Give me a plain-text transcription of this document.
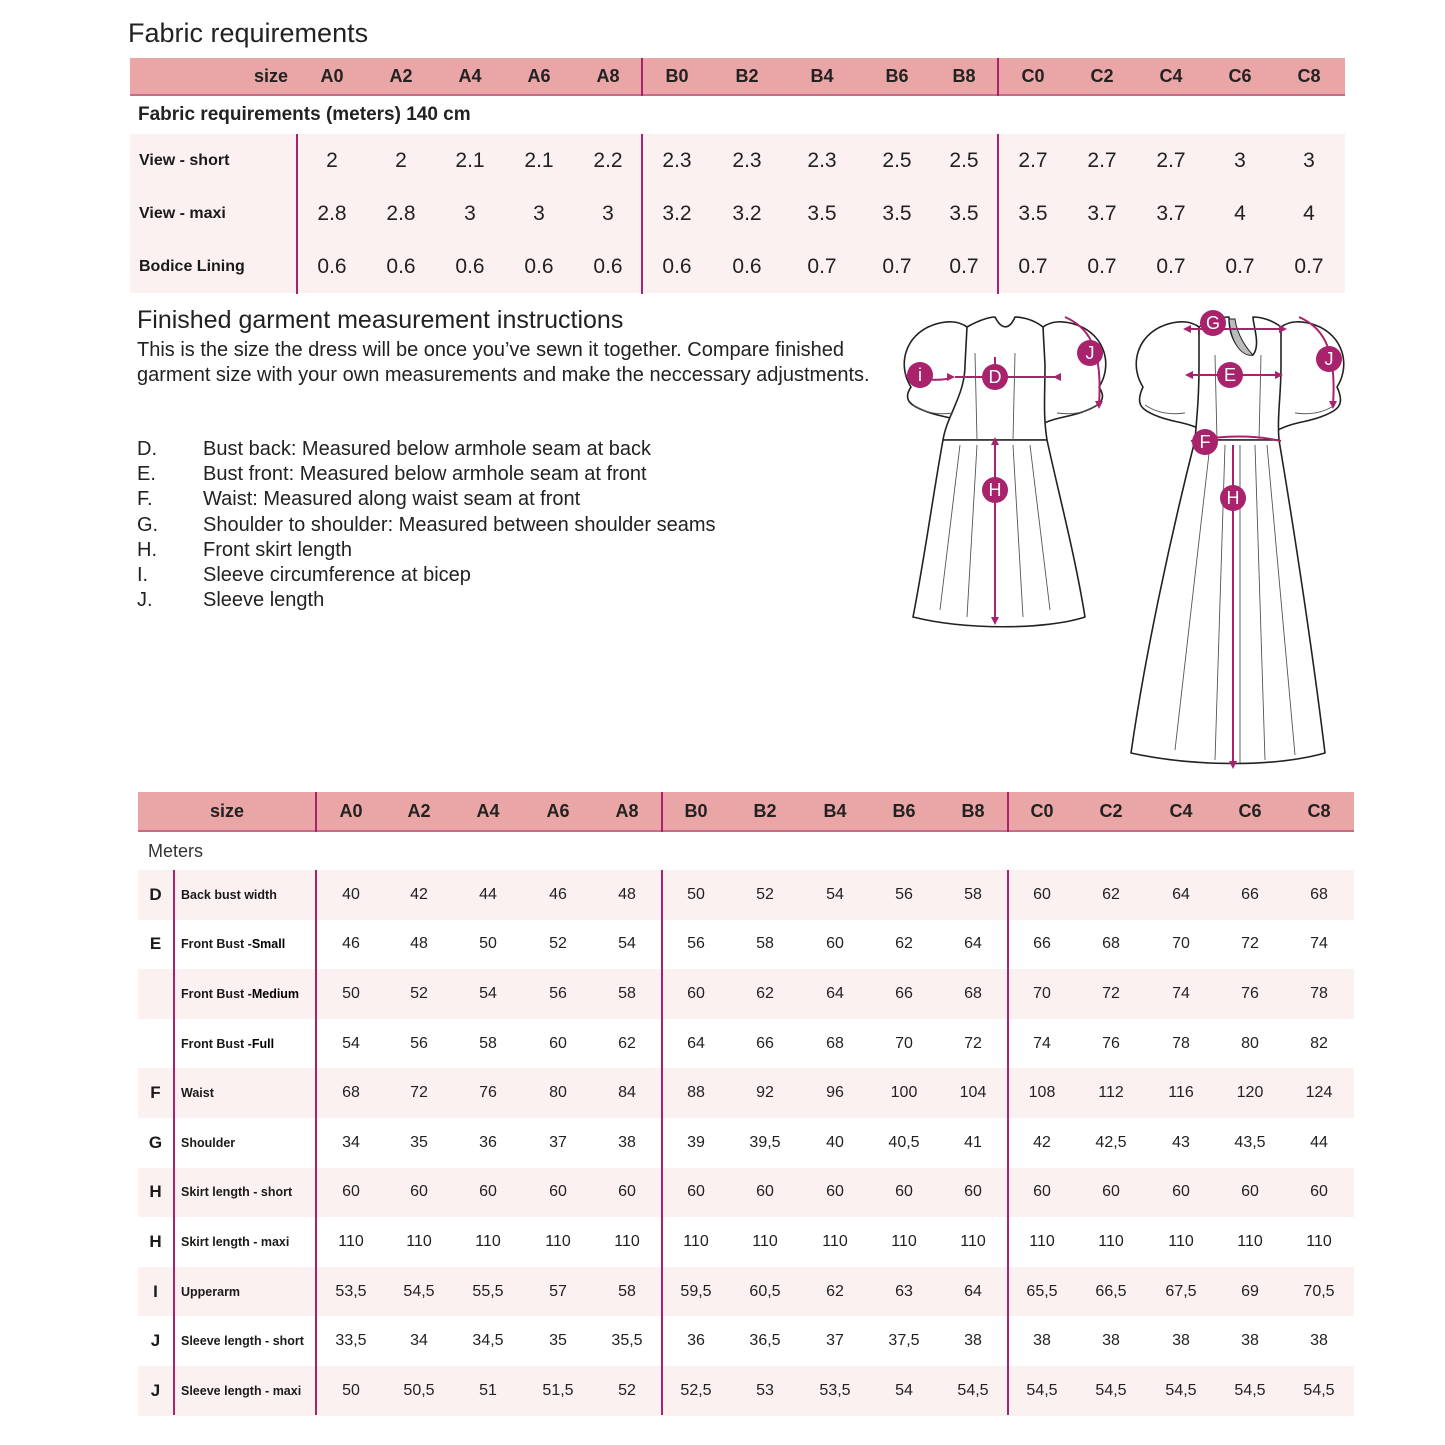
Fabric requirements
size	A0	A2	A4	A6	A8	B0	B2	B4	B6	B8	C0	C2	C4	C6	C8
Fabric requirements (meters) 140 cm
View - short	2	2	2.1	2.1	2.2	2.3	2.3	2.3	2.5	2.5	2.7	2.7	2.7	3	3
View - maxi	2.8	2.8	3	3	3	3.2	3.2	3.5	3.5	3.5	3.5	3.7	3.7	4	4
Bodice Lining	0.6	0.6	0.6	0.6	0.6	0.6	0.6	0.7	0.7	0.7	0.7	0.7	0.7	0.7	0.7
Finished garment measurement instructions
This is the size the dress will be once you’ve sewn it together. Compare finished garment size with your own measurements and make the neccessary adjustments.
D. Bust back: Measured below armhole seam at back
E. Bust front: Measured below armhole seam at front
F.	Waist: Measured along waist seam at front
G. Shoulder to shoulder: Measured between shoulder seams
H. Front skirt length
I.	Sleeve circumference at bicep
J.	Sleeve length
i	D
J
H
G
E
J
F
H
size	A0	A2	A4	A6	A8	B0	B2	B4	B6	B8	C0	C2	C4	C6	C8
Meters
D	Back bust width	40	42	44	46	48	50	52	54	56	58	60	62	64	66	68
E	Front Bust - Small	46	48	50	52	54	56	58	60	62	64	66	68	70	72	74
Front Bust - Medium	50	52	54	56	58	60	62	64	66	68	70	72	74	76	78
Front Bust - Full	54	56	58	60	62	64	66	68	70	72	74	76	78	80	82
F	Waist	68	72	76	80	84	88	92	96	100	104	108	112	116	120	124
G	Shoulder	34	35	36	37	38	39	39,5	40	40,5	41	42	42,5	43	43,5	44
H	Skirt length - short	60	60	60	60	60	60	60	60	60	60	60	60	60	60	60
H	Skirt length - maxi	110	110	110	110	110	110	110	110	110	110	110	110	110	110	110
I	Upperarm	53,5	54,5	55,5	57	58	59,5	60,5	62	63	64	65,5	66,5	67,5	69	70,5
J	Sleeve length - short	33,5	34	34,5	35	35,5	36	36,5	37	37,5	38	38	38	38	38	38
J	Sleeve length - maxi	50	50,5	51	51,5	52	52,5	53	53,5	54	54,5	54,5	54,5	54,5	54,5	54,5
